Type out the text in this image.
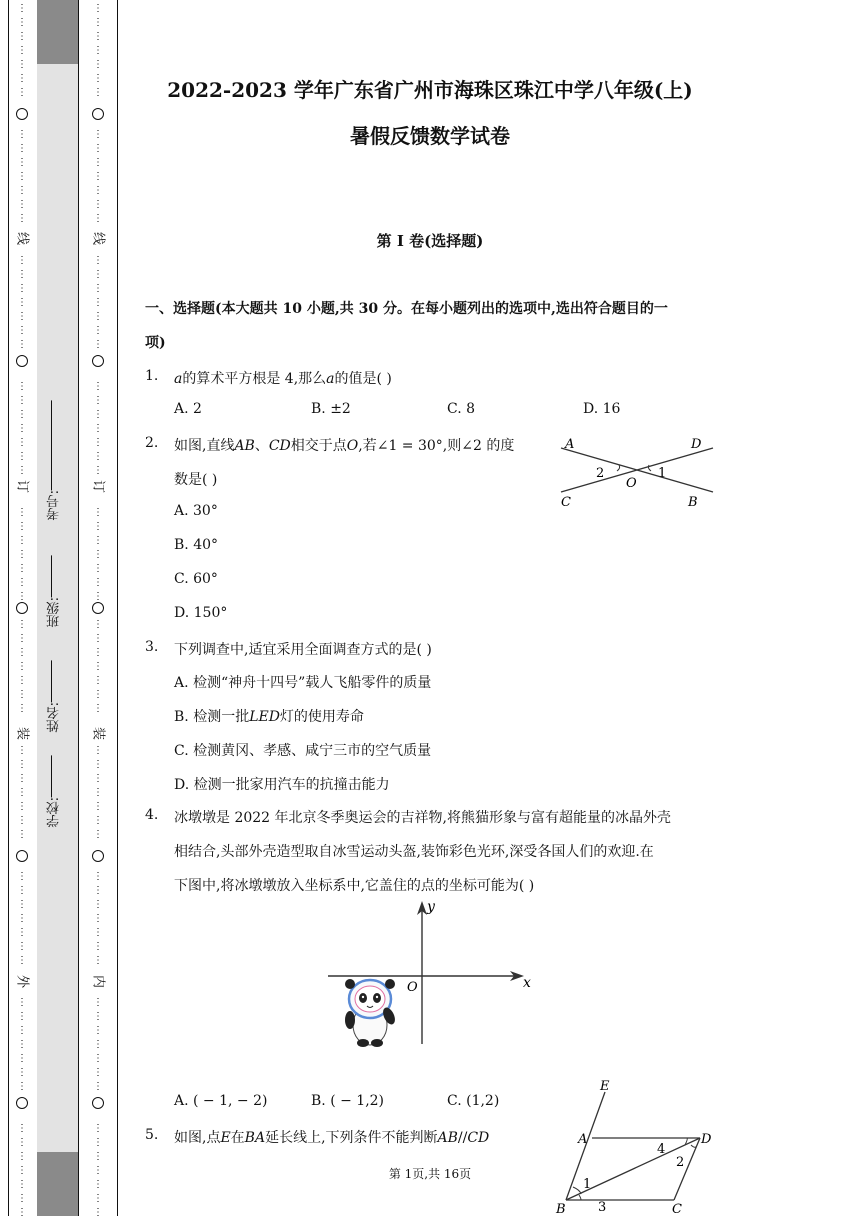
⋮
⋮
⋮
⋮
⋮
⋮
⋮
⋮
⋮
⋮
⋮
⋮
⋮
⋮
⋮
⋮
⋮
⋮
⋮
⋮
⋮
⋮
⋮
⋮
⋮
⋮
⋮
⋮
⋮
⋮
⋮
⋮
⋮
⋮
⋮
⋮
⋮
⋮
⋮
⋮
⋮
⋮
⋮
⋮
⋮
⋮
⋮
⋮
⋮
⋮
⋮
⋮
⋮
⋮
⋮
⋮
⋮
⋮
⋮
⋮
⋮
⋮
⋮
⋮
⋮
⋮
⋮
⋮
⋮
⋮
线
订
装
外
⋮
⋮
⋮
⋮
⋮
⋮
⋮
⋮
⋮
⋮
⋮
⋮
⋮
⋮
⋮
⋮
⋮
⋮
⋮
⋮
⋮
⋮
⋮
⋮
⋮
⋮
⋮
⋮
⋮
⋮
⋮
⋮
⋮
⋮
⋮
⋮
⋮
⋮
⋮
⋮
⋮
⋮
⋮
⋮
⋮
⋮
⋮
⋮
⋮
⋮
⋮
⋮
⋮
⋮
⋮
⋮
⋮
⋮
⋮
⋮
⋮
⋮
⋮
⋮
⋮
⋮
⋮
⋮
⋮
⋮
线
订
装
内
学校:
姓名:
班级:
考号:
2022-2023 学年广东省广州市海珠区珠江中学八年级(上)
暑假反馈数学试卷
第 I 卷(选择题)
一、选择题(本大题共 10 小题,共 30 分。在每小题列出的选项中,选出符合题目的一
项)
1. 𝑎的算术平方根是 4,那么𝑎的值是( )
A. 2	B. ±2	C. 8	D. 16
2. 如图,直线𝐴𝐵、𝐶𝐷相交于点𝑂,若∠1 = 30°,则∠2 的度
数是( )
A. 30°
B. 40°
C. 60°
D. 150°
A	D
C	B
O
2	1
3. 下列调查中,适宜采用全面调查方式的是( )
A. 检测“神舟十四号”载人飞船零件的质量
B. 检测一批𝐿𝐸𝐷灯的使用寿命
C. 检测黄冈、孝感、咸宁三市的空气质量
D. 检测一批家用汽车的抗撞击能力
4. 冰墩墩是 2022 年北京冬季奥运会的吉祥物,将熊猫形象与富有超能量的冰晶外壳
相结合,头部外壳造型取自冰雪运动头盔,装饰彩色光环,深受各国人们的欢迎.在
下图中,将冰墩墩放入坐标系中,它盖住的点的坐标可能为( )
x
y
O
A. ( − 1, − 2)	B. ( − 1,2)	C. (1,2)
5. 如图,点𝐸在𝐵𝐴延长线上,下列条件不能判断𝐴𝐵//𝐶𝐷
E
A	D
B	C
1
2
3
4
第 1页,共 16页
